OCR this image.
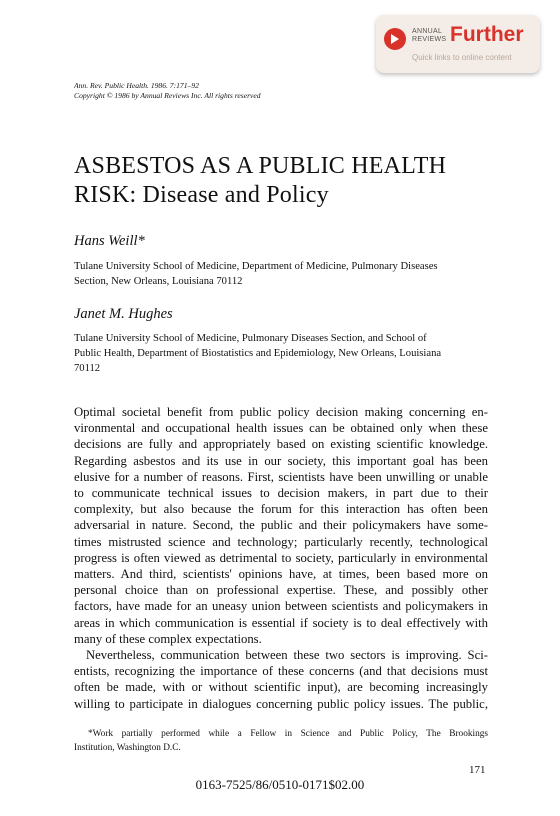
ANNUAL
REVIEWS Further
Quick links to online content
Ann. Rev. Public Health. 1986. 7:171–92
Copyright © 1986 by Annual Reviews Inc. All rights reserved
ASBESTOS AS A PUBLIC HEALTH
RISK: Disease and Policy
Hans Weill*
Tulane University School of Medicine, Department of Medicine, Pulmonary Diseases
Section, New Orleans, Louisiana 70112
Janet M. Hughes
Tulane University School of Medicine, Pulmonary Diseases Section, and School of
Public Health, Department of Biostatistics and Epidemiology, New Orleans, Louisiana
70112
Optimal societal benefit from public policy decision making concerning en-
vironmental and occupational health issues can be obtained only when these
decisions are fully and appropriately based on existing scientific knowledge.
Regarding asbestos and its use in our society, this important goal has been
elusive for a number of reasons. First, scientists have been unwilling or unable
to communicate technical issues to decision makers, in part due to their
complexity, but also because the forum for this interaction has often been
adversarial in nature. Second, the public and their policymakers have some-
times mistrusted science and technology; particularly recently, technological
progress is often viewed as detrimental to society, particularly in environmental
matters. And third, scientists' opinions have, at times, been based more on
personal choice than on professional expertise. These, and possibly other
factors, have made for an uneasy union between scientists and policymakers in
areas in which communication is essential if society is to deal effectively with
many of these complex expectations.
Nevertheless, communication between these two sectors is improving. Sci-
entists, recognizing the importance of these concerns (and that decisions must
often be made, with or without scientific input), are becoming increasingly
willing to participate in dialogues concerning public policy issues. The public,
*Work partially performed while a Fellow in Science and Public Policy, The Brookings
Institution, Washington D.C.
171
0163-7525/86/0510-0171$02.00
